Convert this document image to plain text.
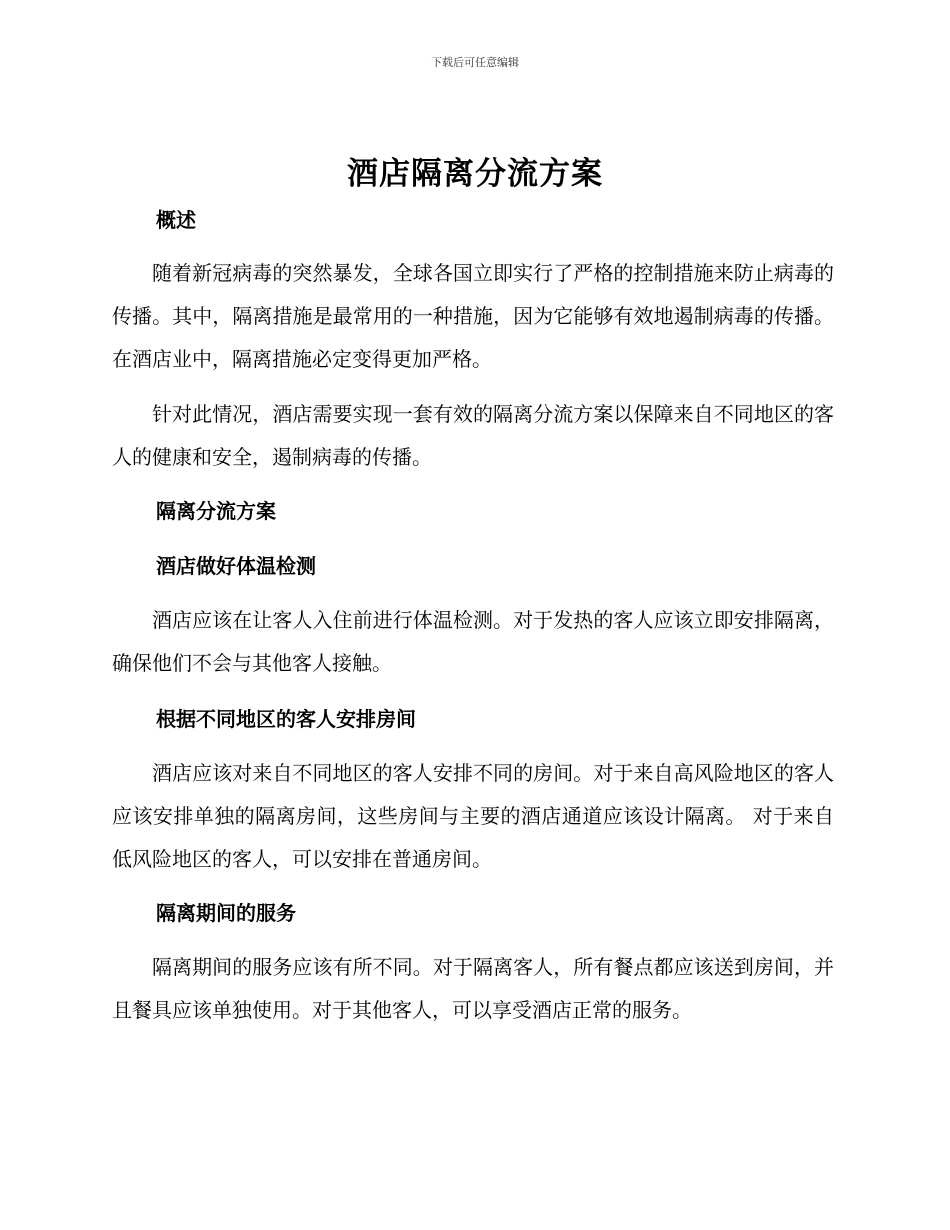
下载后可任意编辑
酒店隔离分流方案
概述

随着新冠病毒的突然暴发，全球各国立即实行了严格的控制措施来防止病毒的传播。其中，隔离措施是最常用的一种措施，因为它能够有效地遏制病毒的传播。在酒店业中，隔离措施必定变得更加严格。

针对此情况，酒店需要实现一套有效的隔离分流方案以保障来自不同地区的客人的健康和安全，遏制病毒的传播。

隔离分流方案
酒店做好体温检测

酒店应该在让客人入住前进行体温检测。对于发热的客人应该立即安排隔离，确保他们不会与其他客人接触。

根据不同地区的客人安排房间

酒店应该对来自不同地区的客人安排不同的房间。对于来自高风险地区的客人应该安排单独的隔离房间，这些房间与主要的酒店通道应该设计隔离。 对于来自低风险地区的客人，可以安排在普通房间。

隔离期间的服务

隔离期间的服务应该有所不同。对于隔离客人，所有餐点都应该送到房间，并且餐具应该单独使用。对于其他客人，可以享受酒店正常的服务。
